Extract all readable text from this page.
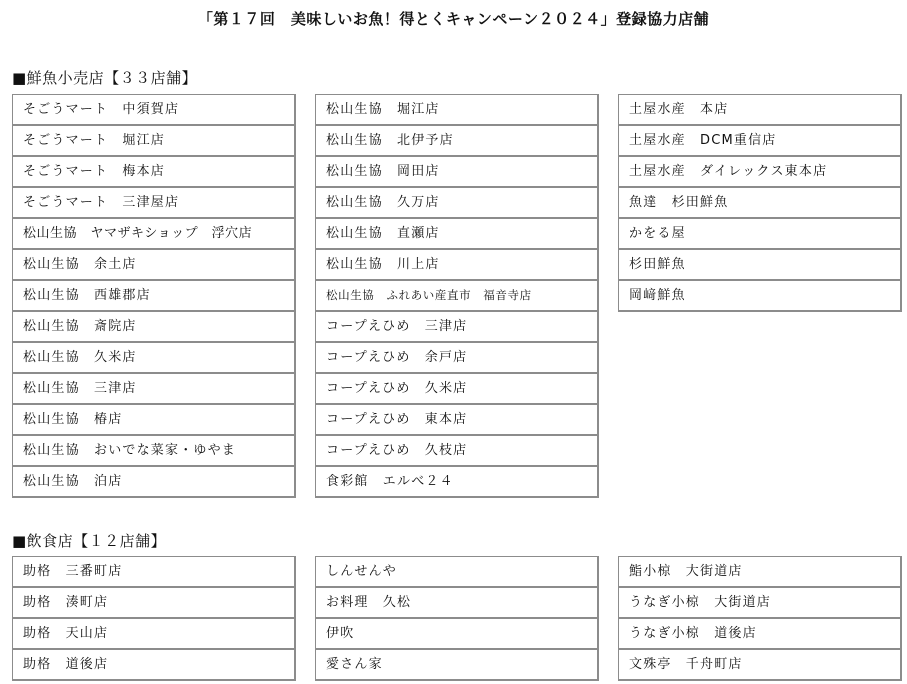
「第１７回　美味しいお魚！得とくキャンペーン２０２４」登録協力店舗
■鮮魚小売店【３３店舗】
そごうマート　中須賀店
そごうマート　堀江店
そごうマート　梅本店
そごうマート　三津屋店
松山生協　ヤマザキショップ　浮穴店
松山生協　余土店
松山生協　西雄郡店
松山生協　斎院店
松山生協　久米店
松山生協　三津店
松山生協　椿店
松山生協　おいでな菜家・ゆやま
松山生協　泊店
松山生協　堀江店
松山生協　北伊予店
松山生協　岡田店
松山生協　久万店
松山生協　直瀬店
松山生協　川上店
松山生協　ふれあい産直市　福音寺店
コープえひめ　三津店
コープえひめ　余戸店
コープえひめ　久米店
コープえひめ　東本店
コープえひめ　久枝店
食彩館　エルべ２４
土屋水産　本店
土屋水産　DCM重信店
土屋水産　ダイレックス東本店
魚達　杉田鮮魚
かをる屋
杉田鮮魚
岡﨑鮮魚
■飲食店【１２店舗】
助格　三番町店
助格　湊町店
助格　天山店
助格　道後店
しんせんや
お料理　久松
伊吹
愛さん家
鮨小椋　大街道店
うなぎ小椋　大街道店
うなぎ小椋　道後店
文殊亭　千舟町店
